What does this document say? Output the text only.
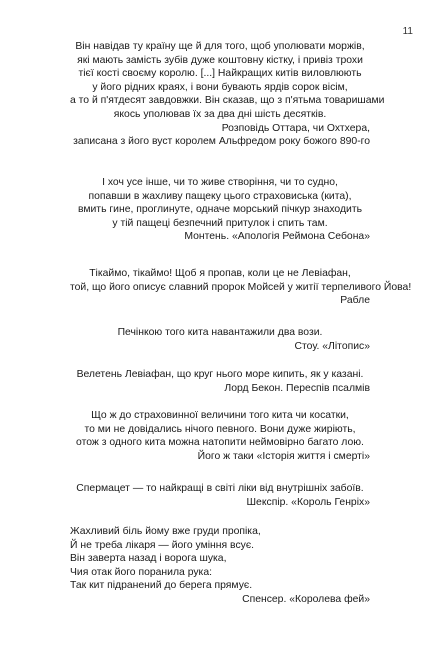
11
Він навідав ту країну ще й для того, щоб уполювати моржів,
які мають замість зубів дуже коштовну кістку, і привіз трохи
тієї кості своєму королю. [...] Найкращих китів виловлюють
у його рідних краях, і вони бувають ярдів сорок вісім,
а то й п'ятдесят завдовжки. Він сказав, що з п'ятьма товаришами
якось уполював їх за два дні шість десятків.
Розповідь Оттара, чи Охтхера,
записана з його вуст королем Альфредом року божого 890-го
І хоч усе інше, чи то живе створіння, чи то судно,
попавши в жахливу пащеку цього страховиська (кита),
вмить гине, проглинуте, одначе морський пічкур знаходить
у тій пащеці безпечний притулок і спить там.
Монтень. «Апологія Реймона Себона»
Тікаймо, тікаймо! Щоб я пропав, коли це не Левіафан,
той, що його описує славний пророк Мойсей у житії терпеливого Йова!
Рабле
Печінкою того кита навантажили два вози.
Стоу. «Літопис»
Велетень Левіафан, що круг нього море кипить, як у казані.
Лорд Бекон. Переспів псалмів
Що ж до страховинної величини того кита чи косатки,
то ми не довідались нічого певного. Вони дуже жиріють,
отож з одного кита можна натопити неймовірно багато лою.
Його ж таки «Історія життя і смерті»
Спермацет — то найкращі в світі ліки від внутрішніх забоїв.
Шекспір. «Король Генріх»
Жахливий біль йому вже груди пропіка,
Й не треба лікаря — його уміння всує.
Він заверта назад і ворога шука,
Чия отак його поранила рука:
Так кит підранений до берега прямує.
Спенсер. «Королева фей»
